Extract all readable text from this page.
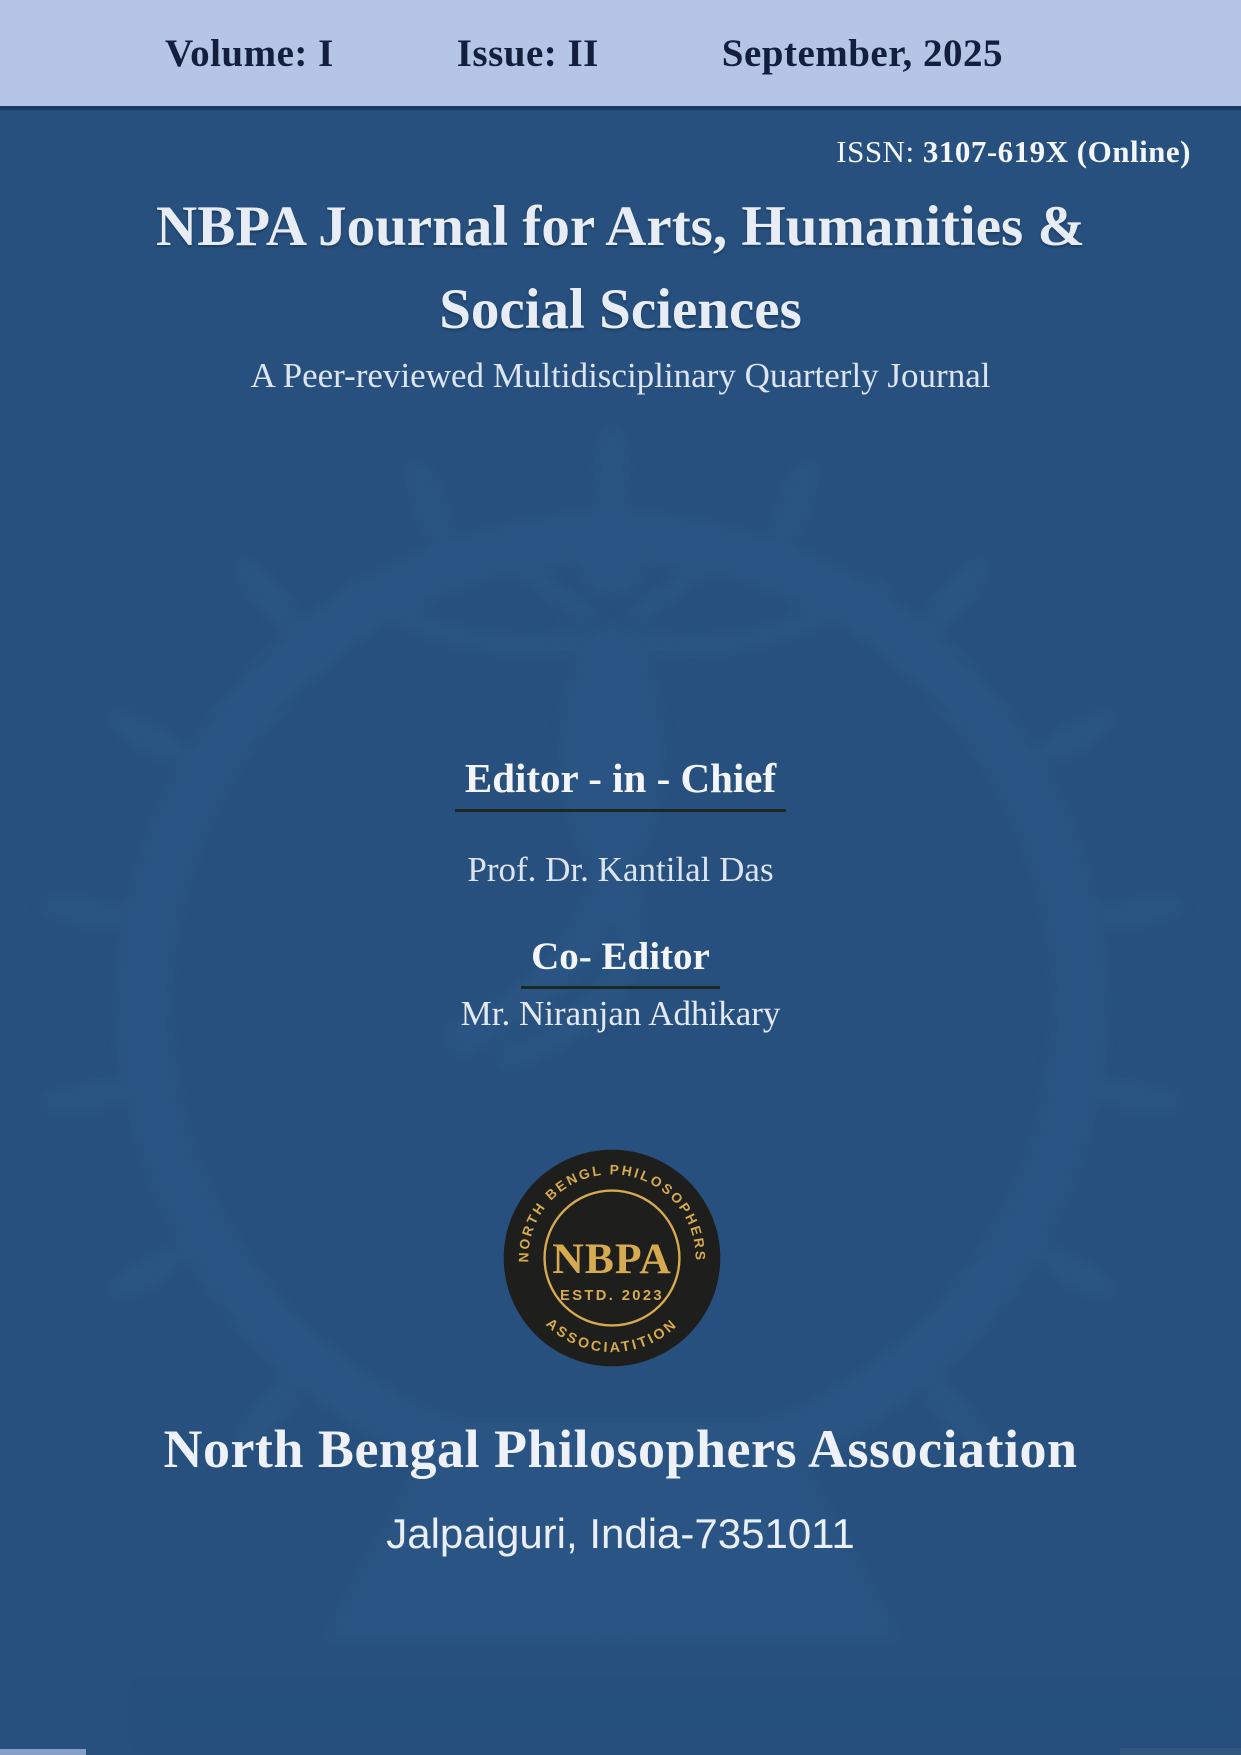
Volume: I	Issue: II	September, 2025
ISSN: 3107-619X (Online)
NBPA Journal for Arts, Humanities &
Social Sciences
A Peer-reviewed Multidisciplinary Quarterly Journal
Editor - in - Chief
Prof. Dr. Kantilal Das
Co- Editor
Mr. Niranjan Adhikary
NORTH BENGL PHILOSOPHERS
NBPA
ESTD. 2023
ASSOCIATITION
North Bengal Philosophers Association
Jalpaiguri, India-7351011
